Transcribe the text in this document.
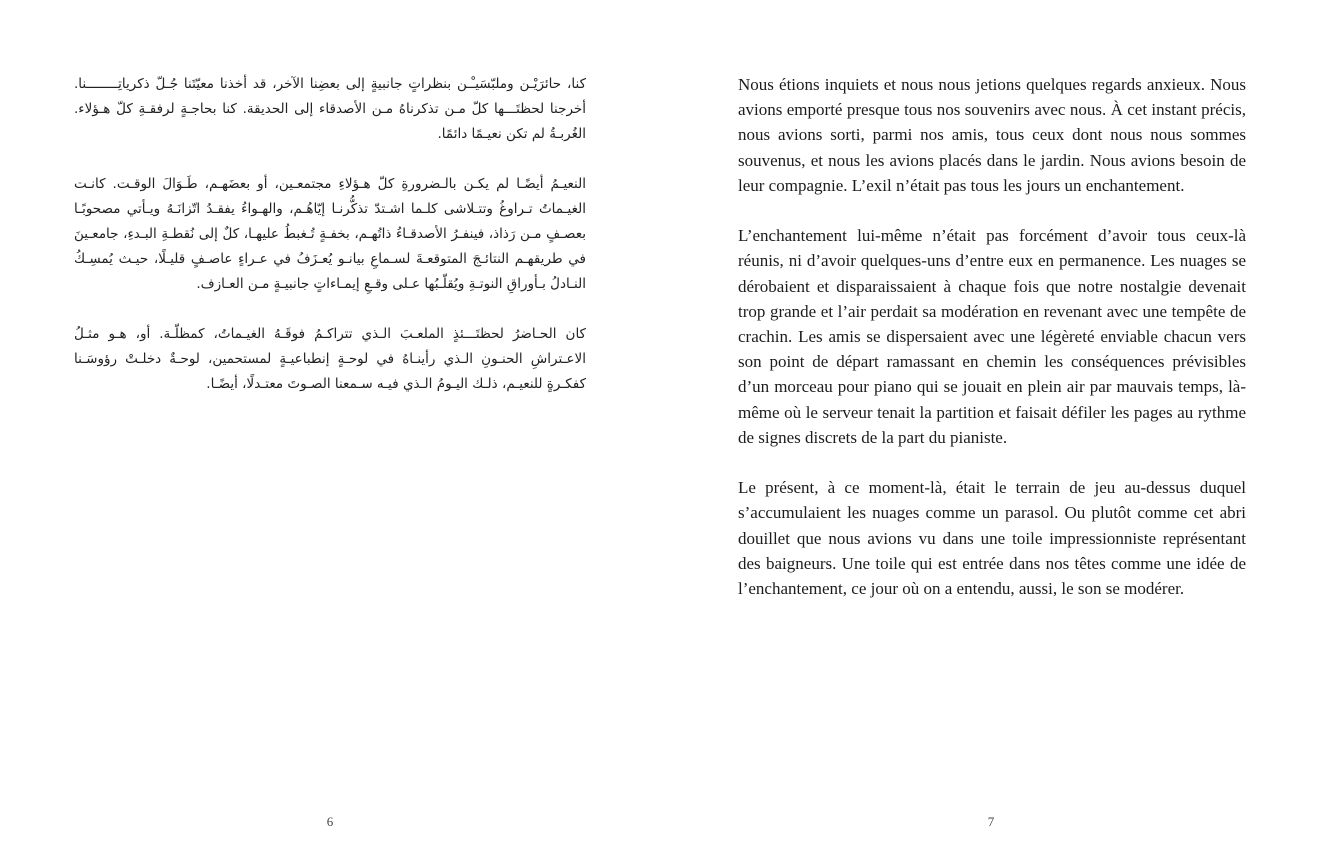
كنا، حائرَيْـن وملبّسَيـْـن بنظراتٍ جانبيةٍ إلى بعضِنا الآخر، قد أخذنا معيّتَنا جُـلّ ذكرياتِــــــــنا. أخرجنا لحظتَـــها كلّ مـن تذكرناهُ مـن الأصدقاء إلى الحديقة. كنا بحاجـةٍ لرفقـةِ كلّ هـؤلاء. الغُربـةُ لم تكن نعيـمًا دائمًا.

النعيـمُ أيضًـا لم يكـن بالـضرورةِ كلّ هـؤلاءِ مجتمعـين، أو بعضَهـم، طَـوَالَ الوقـت. كانـت الغيـماتُ تـراوغُ وتتـلاشى كلـما اشـتدّ تذكُّرنـا إيّاهُـم، والهـواءُ يفقـدُ اتّزانَـهُ ويـأتي مصحوبًـا بعصـفٍ مـن رَذاذ، فينفـرُ الأصدقـاءُ ذاتُهـم، بخفـةٍ تُـغبطُ عليهـا، كلٌ إلى نُقطـةِ البـدءِ، جامعـينَ في طريقهـم النتائـجَ المتوقعـةَ لسـماعِ بيانـو يُعـزَفُ في عـراءٍ عاصـفٍ قليـلًا، حيـث يُمسِـكُ النـادلُ بـأوراقِ النوتـةِ ويُقلّـبُها عـلى وقـعِ إيمـاءاتٍ جانبيـةٍ مـن العـازف.

كان الحـاضرُ لحظتَـــئذٍ الملعـبَ الـذي تتراكـمُ فوقَـهُ الغيـماتُ، كمظلّـة. أو، هـو مثـلُ الاعـتراشِ الحنـونِ الـذي رأينـاهُ في لوحـةٍ إنطباعيـةٍ لمستحمين، لوحـةٌ دخلـتْ رؤوسَـنا كفكـرةٍ للنعيـم، ذلـك اليـومُ الـذي فيـه سـمعنا الصـوتَ معتـدلًا، أيضًـا.

6

Nous étions inquiets et nous nous jetions quelques regards anxieux. Nous avions emporté presque tous nos souvenirs avec nous. À cet instant précis, nous avions sorti, parmi nos amis, tous ceux dont nous nous sommes souvenus, et nous les avions placés dans le jardin. Nous avions besoin de leur compagnie. L’exil n’était pas tous les jours un enchantement.

L’enchantement lui-même n’était pas forcément d’avoir tous ceux-là réunis, ni d’avoir quelques-uns d’entre eux en permanence. Les nuages se dérobaient et disparaissaient à chaque fois que notre nostalgie devenait trop grande et l’air perdait sa modération en revenant avec une tempête de crachin. Les amis se dispersaient avec une légèreté enviable chacun vers son point de départ ramassant en chemin les conséquences prévisibles d’un morceau pour piano qui se jouait en plein air par mauvais temps, là-même où le serveur tenait la partition et faisait défiler les pages au rythme de signes discrets de la part du pianiste.

Le présent, à ce moment-là, était le terrain de jeu au-dessus duquel s’accumulaient les nuages comme un parasol. Ou plutôt comme cet abri douillet que nous avions vu dans une toile impressionniste représentant des baigneurs. Une toile qui est entrée dans nos têtes comme une idée de l’enchantement, ce jour où on a entendu, aussi, le son se modérer.

7
